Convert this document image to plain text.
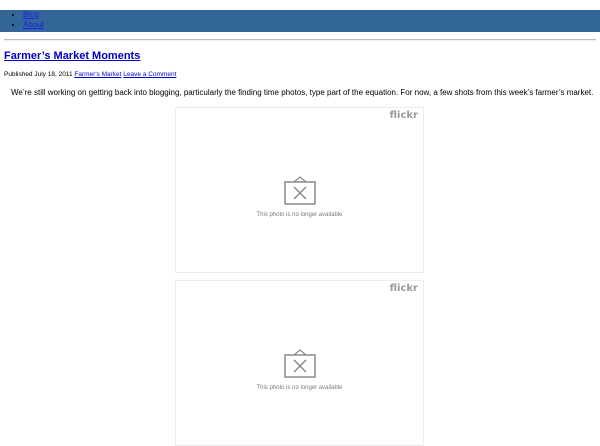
• Blog
• About
Farmer’s Market Moments
Published July 18, 2011 Farmer's Market Leave a Comment

We’re still working on getting back into blogging, particularly the finding time photos, type part of the equation. For now, a few shots from this week’s farmer’s market.

flickr
This photo is no longer available
flickr
This photo is no longer available
